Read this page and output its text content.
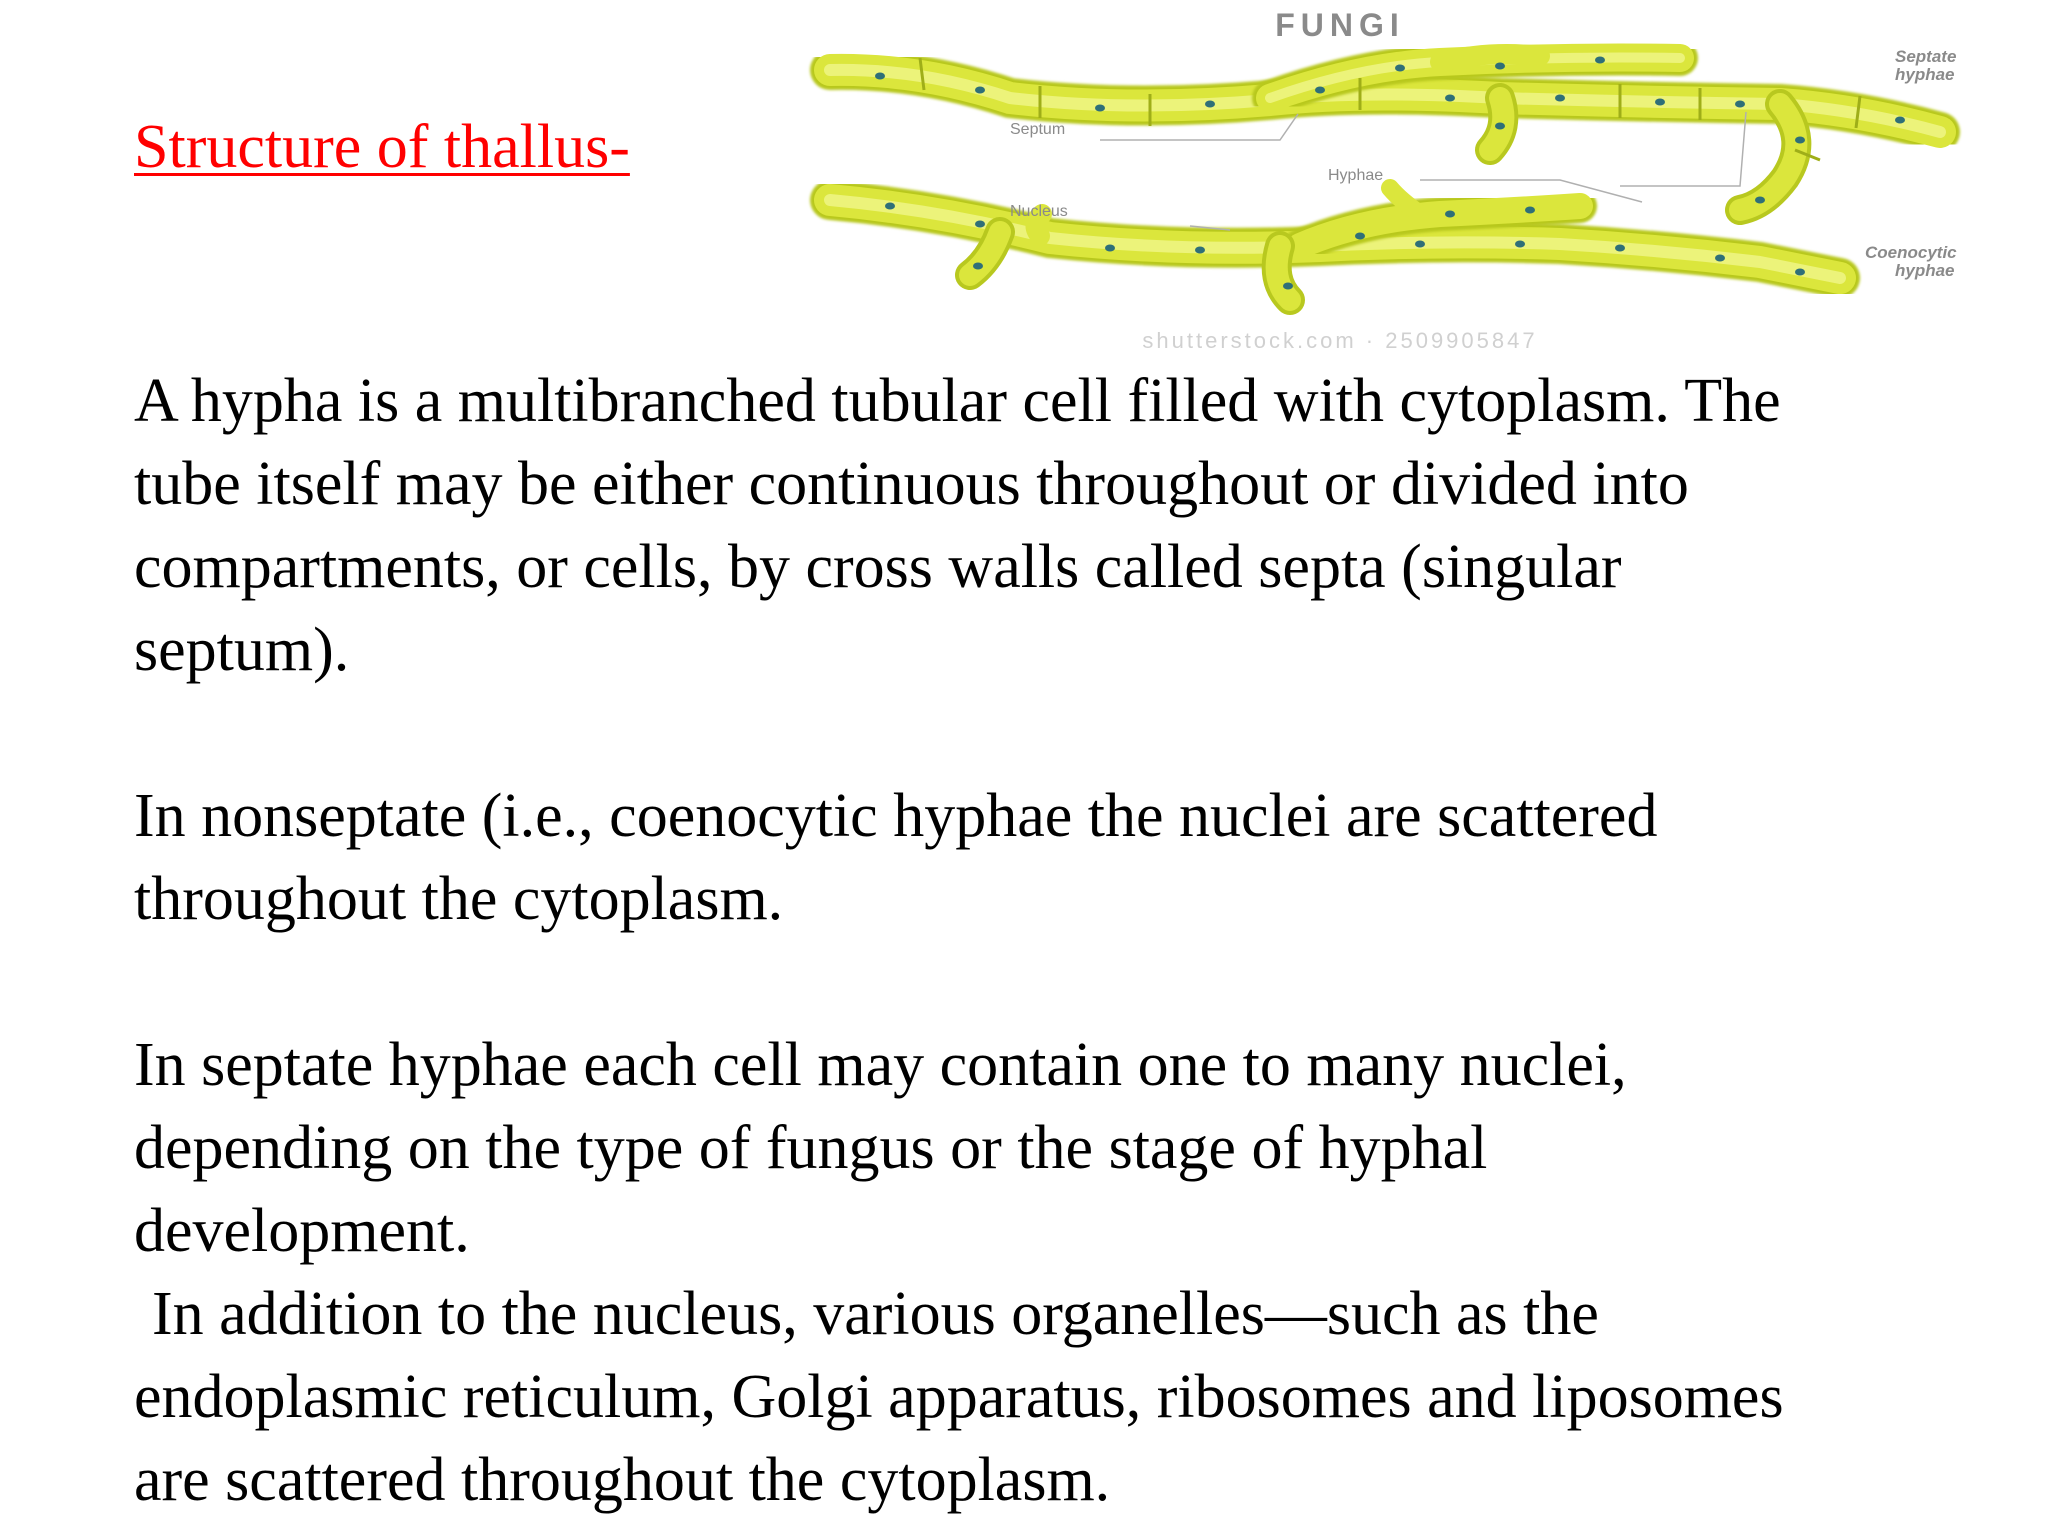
Structure of thallus-
FUNGI
Septate
hyphae
Septum
Hyphae
Nucleus
Coenocytic
hyphae
shutterstock.com · 2509905847
A hypha is a multibranched tubular cell filled with cytoplasm. The
tube itself may be either continuous throughout or divided into
compartments, or cells, by cross walls called septa (singular
septum).
In nonseptate (i.e., coenocytic hyphae the nuclei are scattered
throughout the cytoplasm.
In septate hyphae each cell may contain one to many nuclei,
depending on the type of fungus or the stage of hyphal
development.
In addition to the nucleus, various organelles—such as the
endoplasmic reticulum, Golgi apparatus, ribosomes and liposomes
are scattered throughout the cytoplasm.
